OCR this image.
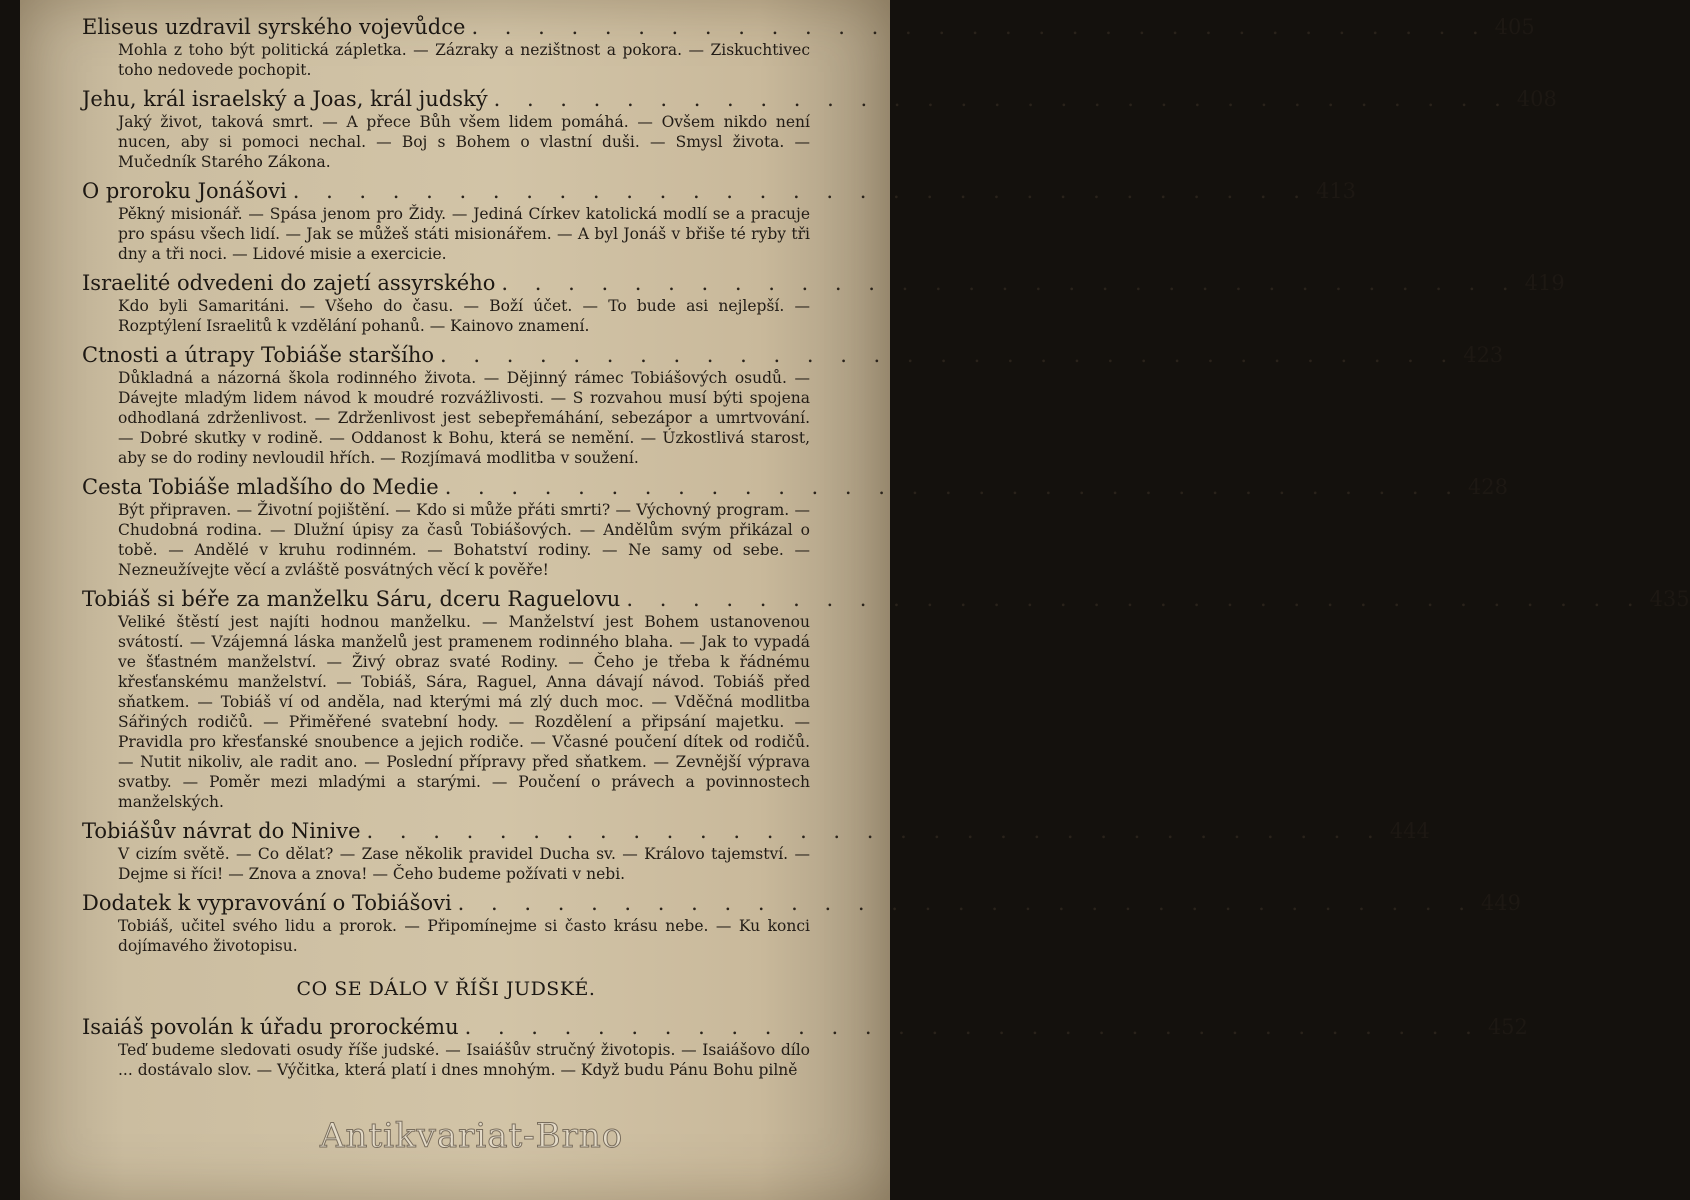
Eliseus uzdravil syrského vojevůdce . . . . . . . . . . . . . . . . . . . . . . . . . . . . . . . 405
Mohla z toho být politická zápletka. — Zázraky a nezištnost a pokora. — Ziskuchtivec toho nedovede pochopit.
Jehu, král israelský a Joas, král judský . . . . . . . . . . . . . . . . . . . . . . . . . . . . . . . 408
Jaký život, taková smrt. — A přece Bůh všem lidem pomáhá. — Ovšem nikdo není nucen, aby si pomoci nechal. — Boj s Bohem o vlastní duši. — Smysl života. — Mučedník Starého Zákona.
O proroku Jonášovi . . . . . . . . . . . . . . . . . . . . . . . . . . . . . . . 413
Pěkný misionář. — Spása jenom pro Židy. — Jediná Církev katolická modlí se a pracuje pro spásu všech lidí. — Jak se můžeš státi misionářem. — A byl Jonáš v břiše té ryby tři dny a tři noci. — Lidové misie a exercicie.
Israelité odvedeni do zajetí assyrského . . . . . . . . . . . . . . . . . . . . . . . . . . . . . . . 419
Kdo byli Samaritáni. — Všeho do času. — Boží účet. — To bude asi nejlepší. — Rozptýlení Israelitů k vzdělání pohanů. — Kainovo znamení.
Ctnosti a útrapy Tobiáše staršího . . . . . . . . . . . . . . . . . . . . . . . . . . . . . . . 423
Důkladná a názorná škola rodinného života. — Dějinný rámec Tobiášových osudů. — Dávejte mladým lidem návod k moudré rozvážlivosti. — S rozvahou musí býti spojena odhodlaná zdrženlivost. — Zdrženlivost jest sebepřemáhání, sebezápor a umrtvování. — Dobré skutky v rodině. — Oddanost k Bohu, která se nemění. — Úzkostlivá starost, aby se do rodiny nevloudil hřích. — Rozjímavá modlitba v soužení.
Cesta Tobiáše mladšího do Medie . . . . . . . . . . . . . . . . . . . . . . . . . . . . . . . 428
Být připraven. — Životní pojištění. — Kdo si může přáti smrti? — Výchovný program. — Chudobná rodina. — Dlužní úpisy za časů Tobiášových. — Andělům svým přikázal o tobě. — Andělé v kruhu rodinném. — Bohatství rodiny. — Ne samy od sebe. — Nezneužívejte věcí a zvláště posvátných věcí k pověře!
Tobiáš si béře za manželku Sáru, dceru Raguelovu . . . . . . . . . . . . . . . . . . . . . . . . . . . . . . . 435
Veliké štěstí jest najíti hodnou manželku. — Manželství jest Bohem ustanovenou svátostí. — Vzájemná láska manželů jest pramenem rodinného blaha. — Jak to vypadá ve šťastném manželství. — Živý obraz svaté Rodiny. — Čeho je třeba k řádnému křesťanskému manželství. — Tobiáš, Sára, Raguel, Anna dávají návod. Tobiáš před sňatkem. — Tobiáš ví od anděla, nad kterými má zlý duch moc. — Vděčná modlitba Sářiných rodičů. — Přiměřené svatební hody. — Rozdělení a připsání majetku. — Pravidla pro křesťanské snoubence a jejich rodiče. — Včasné poučení dítek od rodičů. — Nutit nikoliv, ale radit ano. — Poslední přípravy před sňatkem. — Zevnější výprava svatby. — Poměr mezi mladými a starými. — Poučení o právech a povinnostech manželských.
Tobiášův návrat do Ninive . . . . . . . . . . . . . . . . . . . . . . . . . . . . . . . 444
V cizím světě. — Co dělat? — Zase několik pravidel Ducha sv. — Královo tajemství. — Dejme si říci! — Znova a znova! — Čeho budeme požívati v nebi.
Dodatek k vypravování o Tobiášovi . . . . . . . . . . . . . . . . . . . . . . . . . . . . . . . 449
Tobiáš, učitel svého lidu a prorok. — Připomínejme si často krásu nebe. — Ku konci dojímavého životopisu.
CO SE DÁLO V ŘÍŠI JUDSKÉ.
Isaiáš povolán k úřadu prorockému . . . . . . . . . . . . . . . . . . . . . . . . . . . . . . . 452
Teď budeme sledovati osudy říše judské. — Isaiášův stručný životopis. — Isaiášovo dílo ... dostávalo slov. — Výčitka, která platí i dnes mnohým. — Když budu Pánu Bohu pilně
Antikvariat-Brno
